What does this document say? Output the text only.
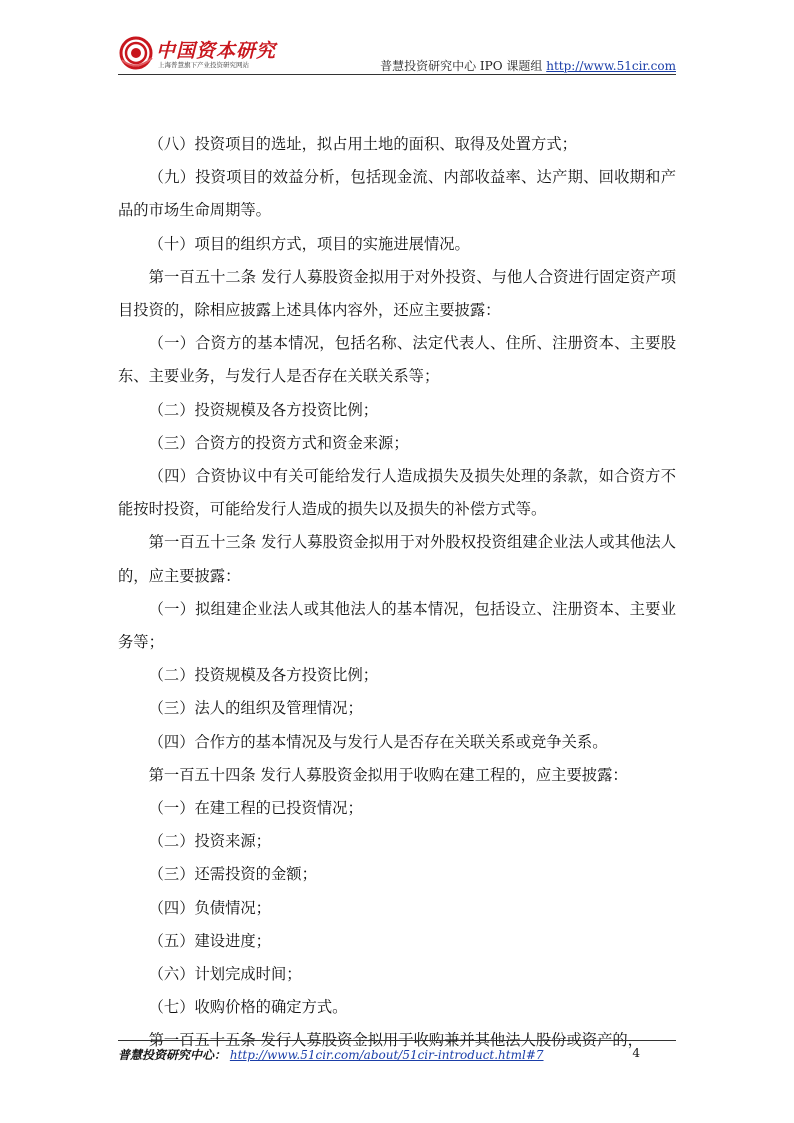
中国资本研究
上海普慧旗下产业投资研究网站	普慧投资研究中心 IPO 课题组 http://www.51cir.com

（八）投资项目的选址，拟占用土地的面积、取得及处置方式；

（九）投资项目的效益分析，包括现金流、内部收益率、达产期、回收期和产品的市场生命周期等。

（十）项目的组织方式，项目的实施进展情况。

第一百五十二条 发行人募股资金拟用于对外投资、与他人合资进行固定资产项目投资的，除相应披露上述具体内容外，还应主要披露：

（一）合资方的基本情况，包括名称、法定代表人、住所、注册资本、主要股东、主要业务，与发行人是否存在关联关系等；

（二）投资规模及各方投资比例；

（三）合资方的投资方式和资金来源；

（四）合资协议中有关可能给发行人造成损失及损失处理的条款，如合资方不能按时投资，可能给发行人造成的损失以及损失的补偿方式等。

第一百五十三条 发行人募股资金拟用于对外股权投资组建企业法人或其他法人的，应主要披露：

（一）拟组建企业法人或其他法人的基本情况，包括设立、注册资本、主要业务等；

（二）投资规模及各方投资比例；

（三）法人的组织及管理情况；

（四）合作方的基本情况及与发行人是否存在关联关系或竞争关系。

第一百五十四条 发行人募股资金拟用于收购在建工程的，应主要披露：

（一）在建工程的已投资情况；

（二）投资来源；

（三）还需投资的金额；

（四）负债情况；

（五）建设进度；

（六）计划完成时间；

（七）收购价格的确定方式。

第一百五十五条 发行人募股资金拟用于收购兼并其他法人股份或资产的，

普慧投资研究中心： http://www.51cir.com/about/51cir-introduct.html#7	4
